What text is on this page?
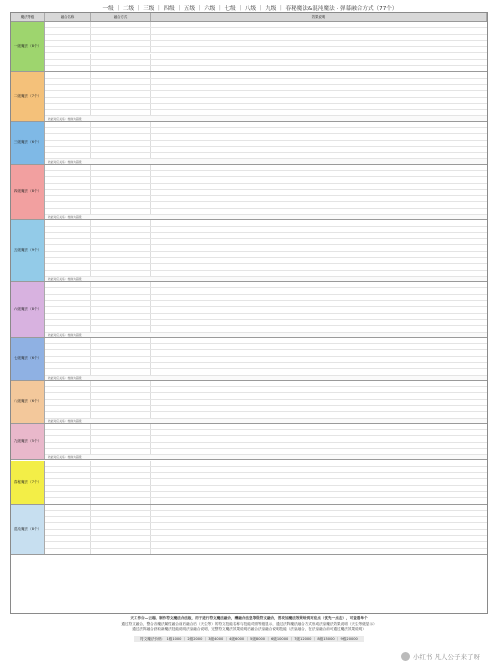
一级 ｜ 二级 ｜ 三级 ｜ 四级 ｜ 五级 ｜ 六级 ｜ 七级 ｜ 八级 ｜ 九级 ｜ 春秘魔法&混沌魔法 · 弹幕融合方式（77个）
魔法等级	融合名称	融合方式	效果说明
一级魔法（8个）
二级魔法（7个）
技能对应关系：转换为超级
三级魔法（6个）
技能对应关系：转换为超级
四级魔法（8个）
技能对应关系：转换为超级
五级魔法（9个）
技能对应关系：转换为超级
六级魔法（8个）
技能对应关系：转换为超级
七级魔法（6个）
技能对应关系：转换为超级
八级魔法（6个）
技能对应关系：转换为超级
九级魔法（5个）
技能对应关系：转换为超级
春秘魔法（7个）
混沌魔法（8个）
天工作台—云端、制作符文魔法合法板，用于进行符文魔法融合，酬融合法皇等级符文融合，普攻加魔法效果给到对应点（优先一点击），可查看单个
通过符文融合，整合各魔法属性融合前后融合后（天尘等）的符文技能名称与技能对照等级显示，通过法阵魔法融合方式形成法皇魔法效果说明（天尘等级显示）
通过法阵融合获取新魔法技能说明法皇融合说明，完整符文魔法效果说明后融合法皇融合说明技能（法皇融合，在法皇融合前可通过魔法效果说明）
符文魔法价格： 1级1000 ｜ 2级2000 ｜ 3级4000 ｜ 4级6000 ｜ 5级8000 ｜ 6级10000 ｜ 7级12000 ｜ 8级15000 ｜ 9级20000
小红书 凡人公子来了呀
